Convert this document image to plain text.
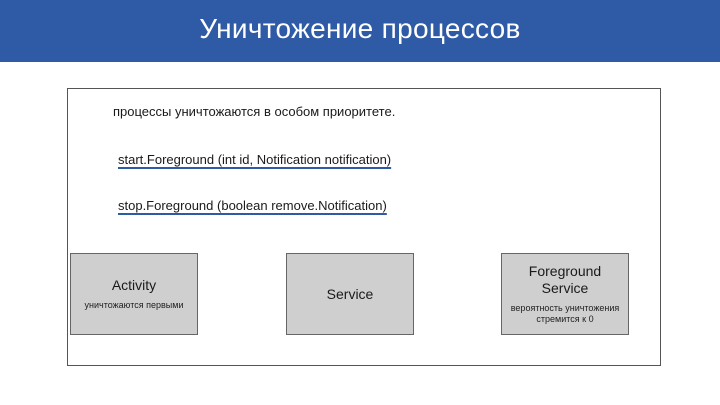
Уничтожение процессов
процессы уничтожаются в особом приоритете.
start.Foreground (int id, Notification notification)
stop.Foreground (boolean remove.Notification)
Activity
уничтожаются первыми
Service
Foreground Service
вероятность уничтожения стремится к 0
